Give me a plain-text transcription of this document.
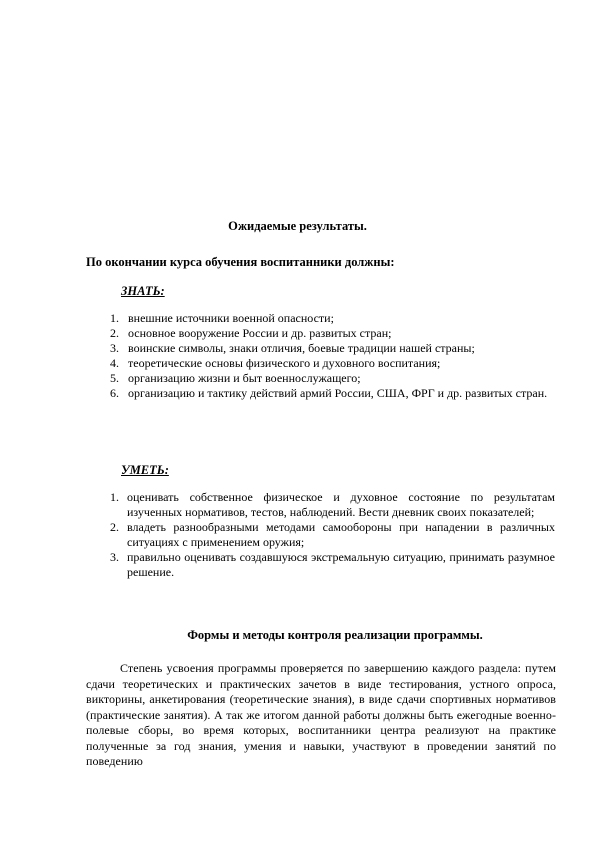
Ожидаемые результаты.
По окончании курса обучения воспитанники должны:
ЗНАТЬ:
1. внешние источники военной опасности;
2. основное вооружение России и др. развитых стран;
3. воинские символы, знаки отличия, боевые традиции нашей страны;
4. теоретические основы физического и духовного воспитания;
5. организацию жизни и быт военнослужащего;
6. организацию и тактику действий армий России, США, ФРГ и др. развитых стран.
УМЕТЬ:
1. оценивать собственное физическое и духовное состояние по результатам изученных нормативов, тестов, наблюдений. Вести дневник своих показателей;
2. владеть разнообразными методами самообороны при нападении в различных ситуациях с применением оружия;
3. правильно оценивать создавшуюся экстремальную ситуацию, принимать разумное решение.
Формы и методы контроля реализации программы.
Степень усвоения программы проверяется по завершению каждого раздела: путем сдачи теоретических и практических зачетов в виде тестирования, устного опроса, викторины, анкетирования (теоретические знания), в виде сдачи спортивных нормативов (практические занятия). А так же итогом данной работы должны быть ежегодные военно-полевые сборы, во время которых, воспитанники центра реализуют на практике полученные за год знания, умения и навыки, участвуют в проведении занятий по поведению
